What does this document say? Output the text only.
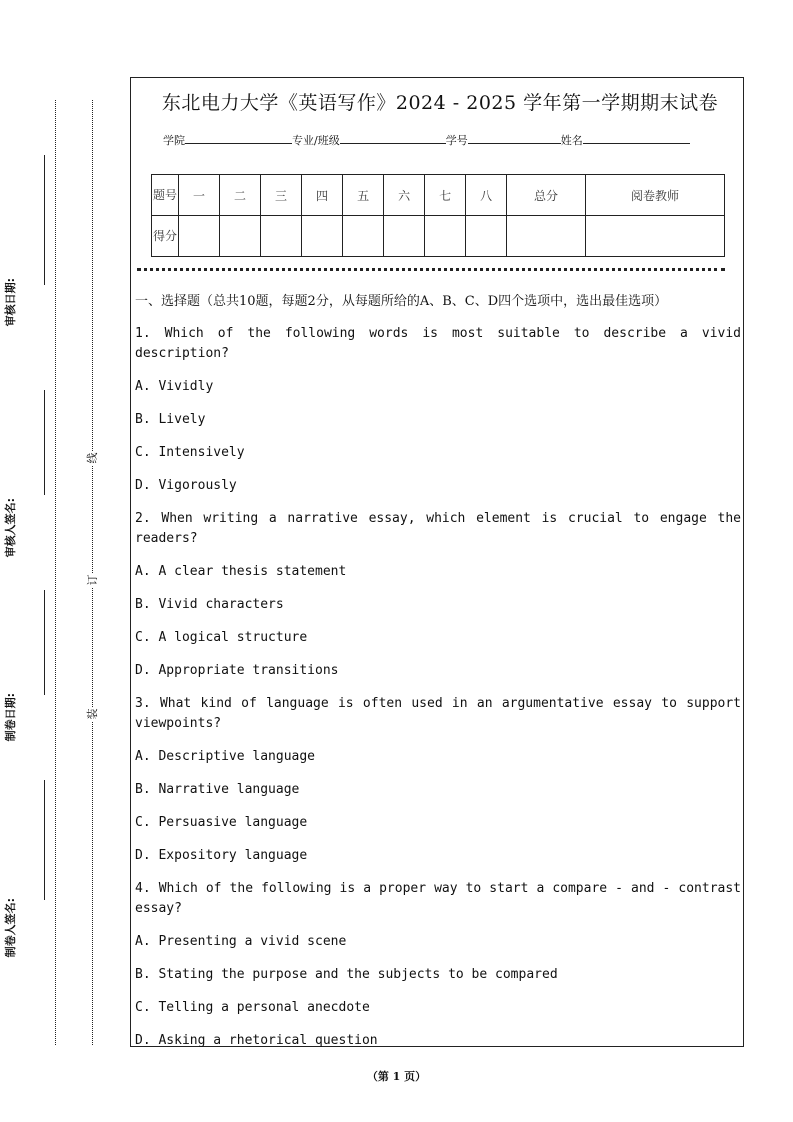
审核日期:
审核人签名:
制卷日期:
制卷人签名:
线
订
装
东北电力大学《英语写作》2024 - 2025 学年第一学期期末试卷
学院	专业/班级	学号	姓名
题号	一	二	三	四	五	六	七	八	总分	阅卷教师
得分										
一、选择题（总共10题，每题2分，从每题所给的A、B、C、D四个选项中，选出最佳选项）
1. Which of the following words is most suitable to describe a vivid description?
A. Vividly
B. Lively
C. Intensively
D. Vigorously
2. When writing a narrative essay, which element is crucial to engage the readers?
A. A clear thesis statement
B. Vivid characters
C. A logical structure
D. Appropriate transitions
3. What kind of language is often used in an argumentative essay to support viewpoints?
A. Descriptive language
B. Narrative language
C. Persuasive language
D. Expository language
4. Which of the following is a proper way to start a compare - and - contrast essay?
A. Presenting a vivid scene
B. Stating the purpose and the subjects to be compared
C. Telling a personal anecdote
D. Asking a rhetorical question
（第 1 页）
